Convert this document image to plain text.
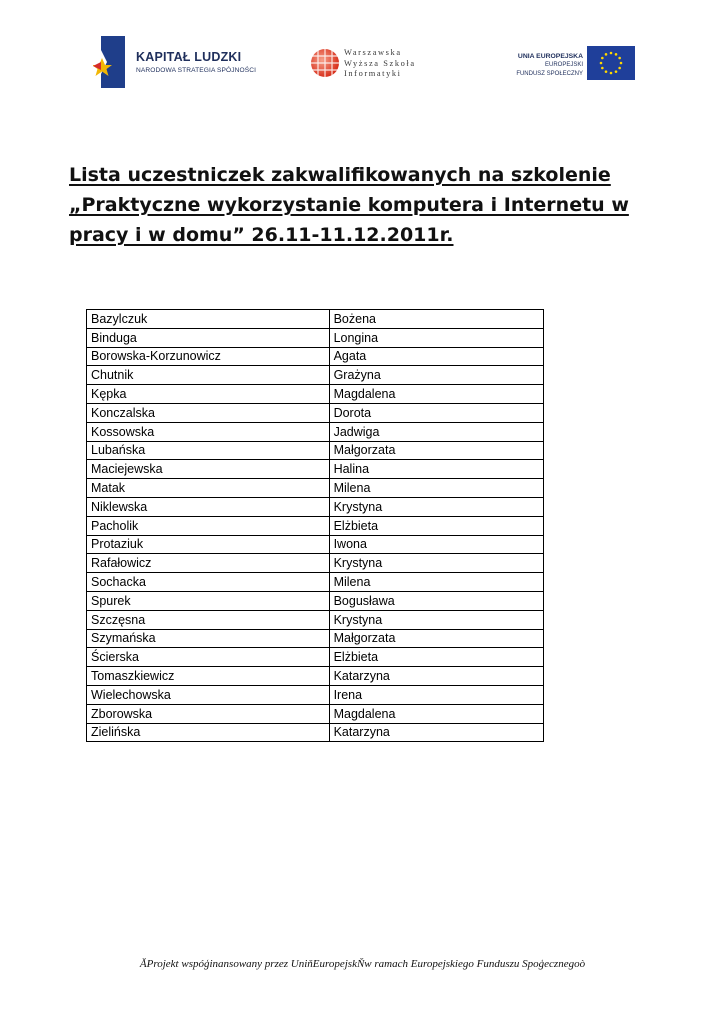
KAPITAŁ LUDZKI
NARODOWA STRATEGIA SPÓJNOŚCI
Warszawska
Wyższa Szkoła
Informatyki
UNIA EUROPEJSKA
EUROPEJSKI
FUNDUSZ SPOŁECZNY
Lista uczestniczek zakwalifikowanych na szkolenie
„Praktyczne wykorzystanie komputera i Internetu w
pracy i w domu” 26.11-11.12.2011r.
Bazylczuk	Bożena
Binduga	Longina
Borowska-Korzunowicz	Agata
Chutnik	Grażyna
Kępka	Magdalena
Konczalska	Dorota
Kossowska	Jadwiga
Lubańska	Małgorzata
Maciejewska	Halina
Matak	Milena
Niklewska	Krystyna
Pacholik	Elżbieta
Protaziuk	Iwona
Rafałowicz	Krystyna
Sochacka	Milena
Spurek	Bogusława
Szczęsna	Krystyna
Szymańska	Małgorzata
Ścierska	Elżbieta
Tomaszkiewicz	Katarzyna
Wielechowska	Irena
Zborowska	Magdalena
Zielińska	Katarzyna
ĂProjekt wspóģinansowany przez UniňEuropejskŇw ramach Europejskiego Funduszu Spoģecznegoò
